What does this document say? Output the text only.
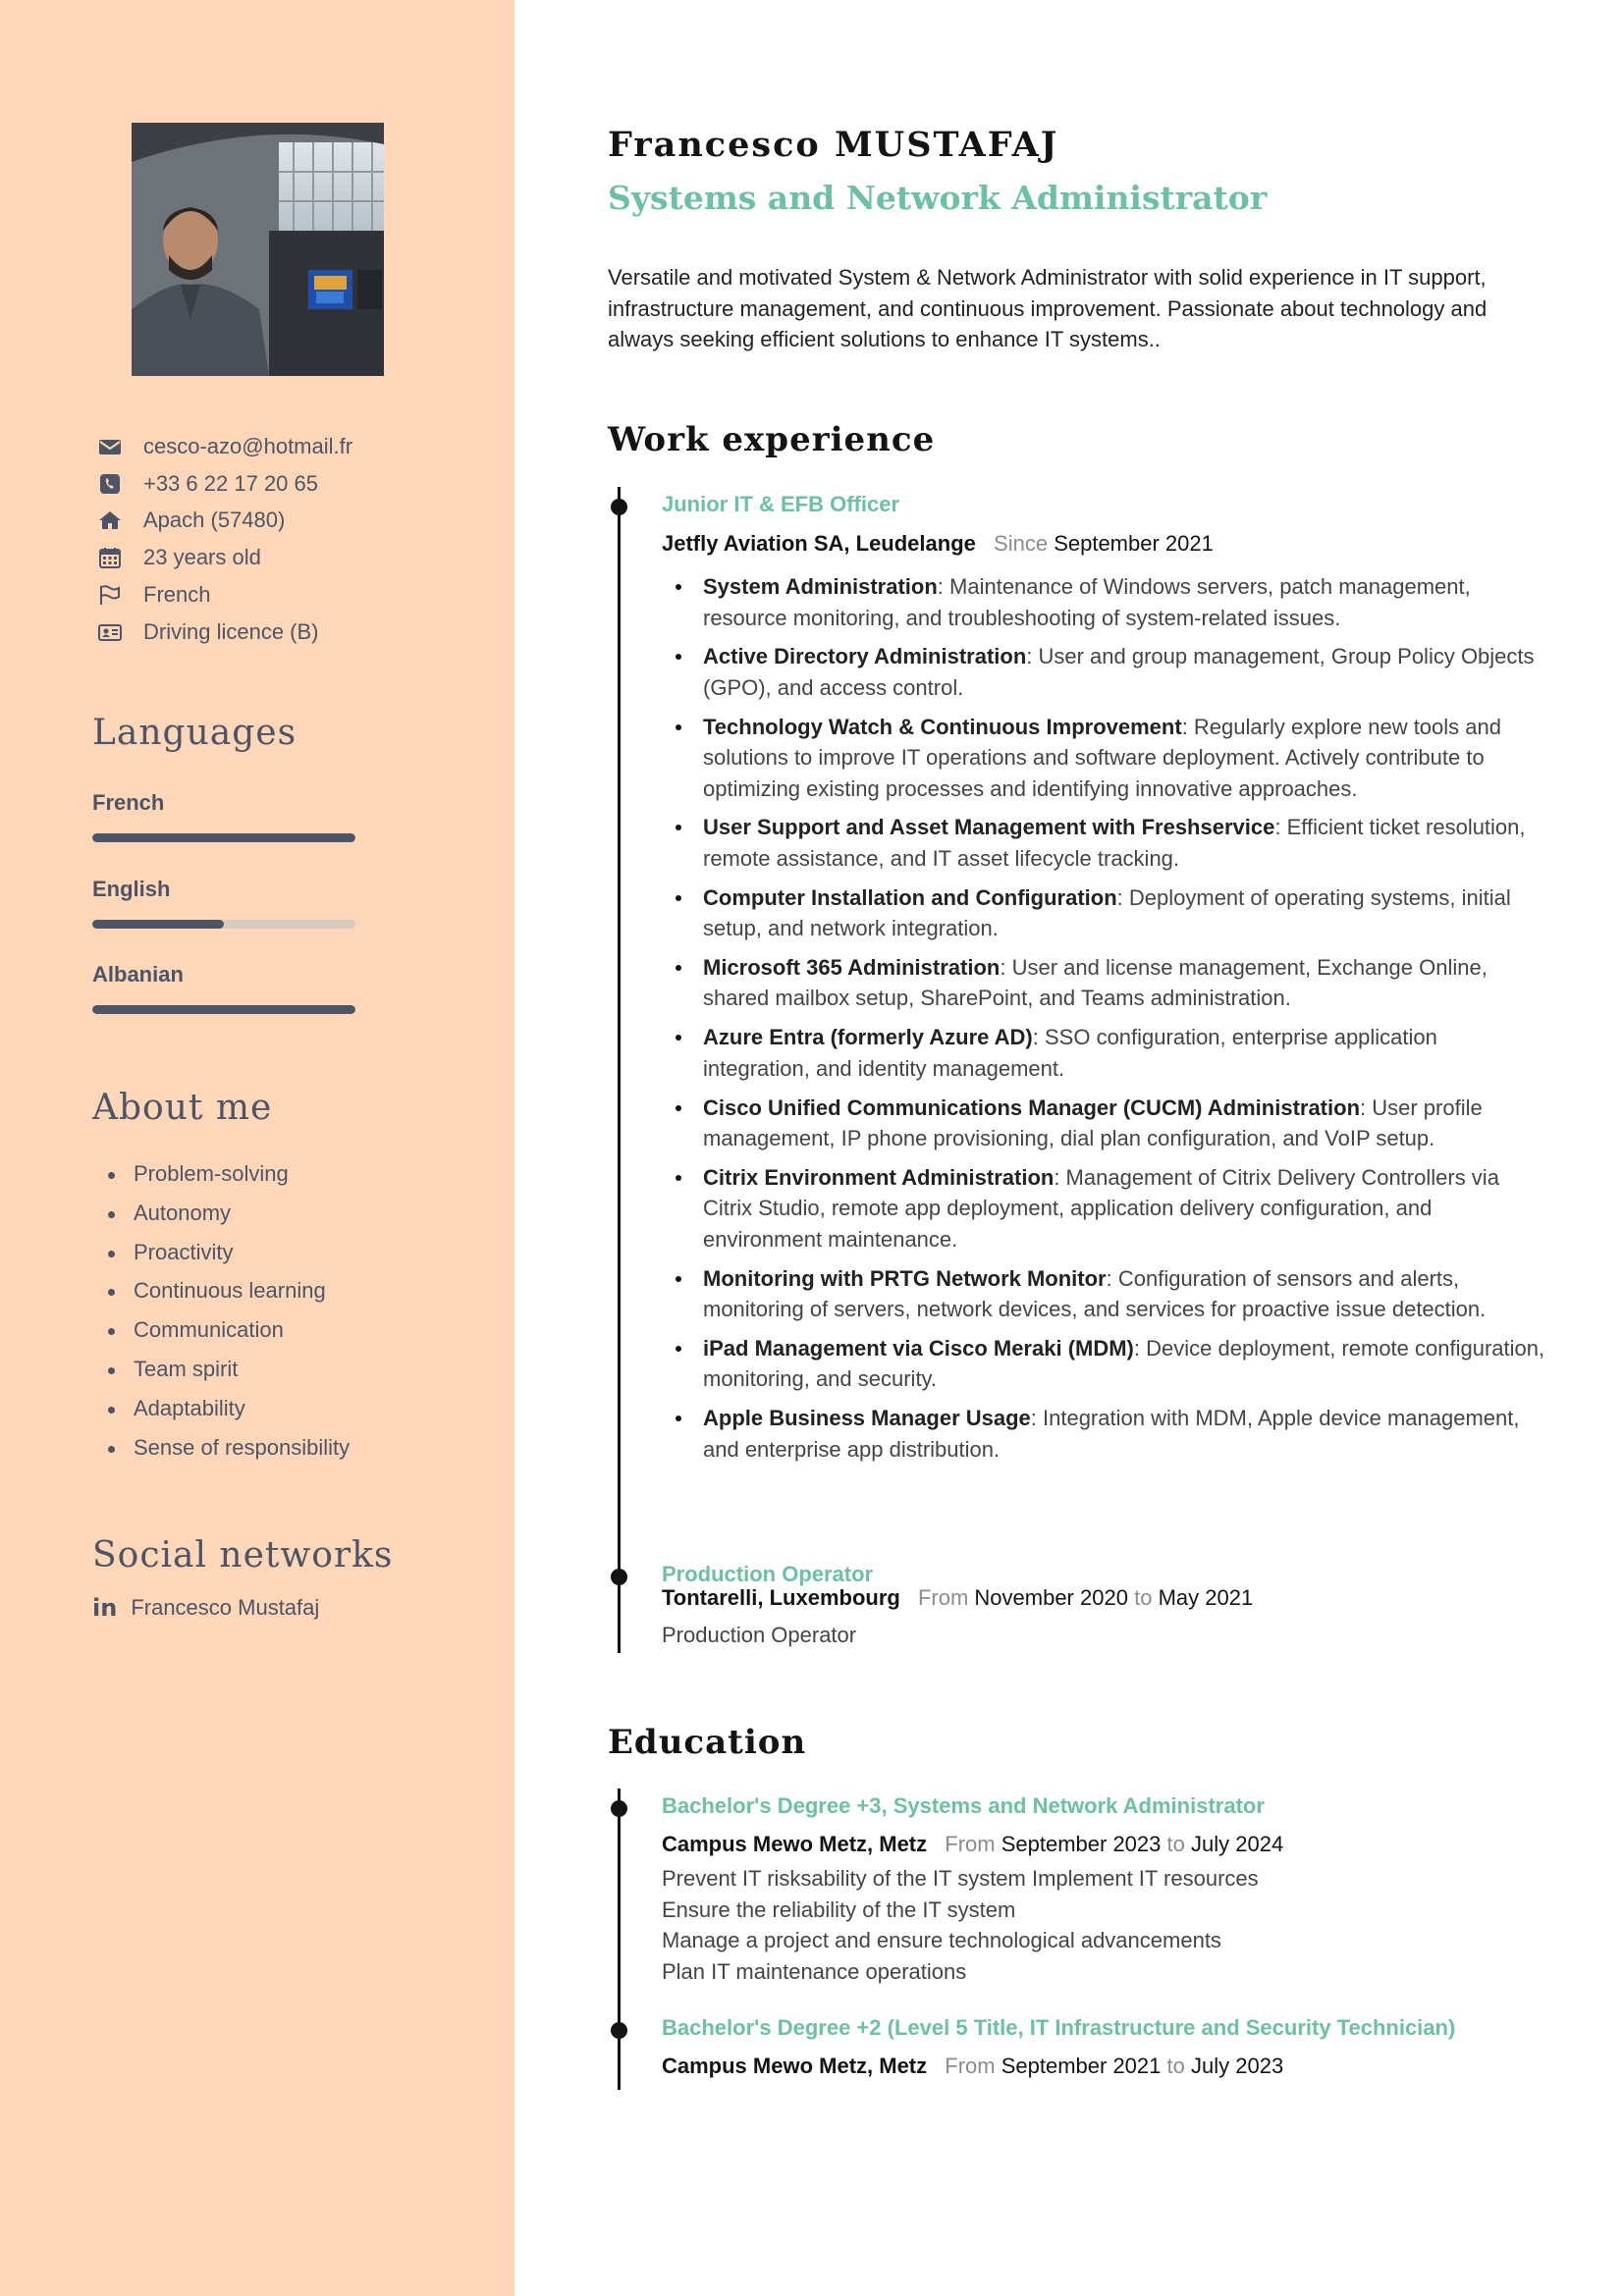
cesco-azo@hotmail.fr
+33 6 22 17 20 65
Apach (57480)
23 years old
French
Driving licence (B)
Languages
French
English
Albanian
About me
Problem-solving
Autonomy
Proactivity
Continuous learning
Communication
Team spirit
Adaptability
Sense of responsibility
Social networks
in Francesco Mustafaj
Francesco MUSTAFAJ
Systems and Network Administrator

Versatile and motivated System & Network Administrator with solid experience in IT support, infrastructure management, and continuous improvement. Passionate about technology and always seeking efficient solutions to enhance IT systems..

Work experience
Junior IT & EFB Officer
Jetfly Aviation SA, Leudelange Since September 2021
System Administration: Maintenance of Windows servers, patch management, resource monitoring, and troubleshooting of system-related issues.
Active Directory Administration: User and group management, Group Policy Objects (GPO), and access control.
Technology Watch & Continuous Improvement: Regularly explore new tools and solutions to improve IT operations and software deployment. Actively contribute to optimizing existing processes and identifying innovative approaches.
User Support and Asset Management with Freshservice: Efficient ticket resolution, remote assistance, and IT asset lifecycle tracking.
Computer Installation and Configuration: Deployment of operating systems, initial setup, and network integration.
Microsoft 365 Administration: User and license management, Exchange Online, shared mailbox setup, SharePoint, and Teams administration.
Azure Entra (formerly Azure AD): SSO configuration, enterprise application integration, and identity management.
Cisco Unified Communications Manager (CUCM) Administration: User profile management, IP phone provisioning, dial plan configuration, and VoIP setup.
Citrix Environment Administration: Management of Citrix Delivery Controllers via Citrix Studio, remote app deployment, application delivery configuration, and environment maintenance.
Monitoring with PRTG Network Monitor: Configuration of sensors and alerts, monitoring of servers, network devices, and services for proactive issue detection.
iPad Management via Cisco Meraki (MDM): Device deployment, remote configuration, monitoring, and security.
Apple Business Manager Usage: Integration with MDM, Apple device management, and enterprise app distribution.
Production Operator
Tontarelli, Luxembourg From November 2020 to May 2021
Production Operator
Education
Bachelor's Degree +3, Systems and Network Administrator
Campus Mewo Metz, Metz From September 2023 to July 2024
Prevent IT risksability of the IT system Implement IT resources
Ensure the reliability of the IT system
Manage a project and ensure technological advancements
Plan IT maintenance operations
Bachelor's Degree +2 (Level 5 Title, IT Infrastructure and Security Technician)
Campus Mewo Metz, Metz From September 2021 to July 2023
